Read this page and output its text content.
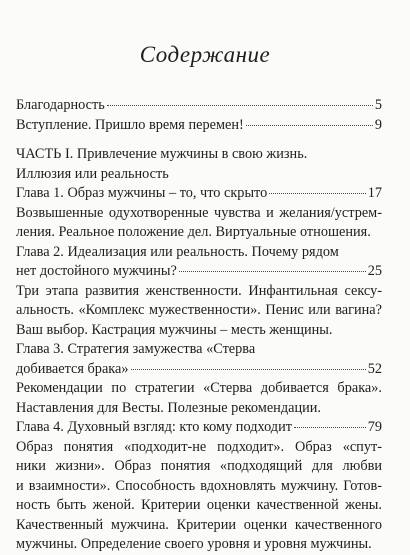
Содержание
Благодарность	5
Вступление. Пришло время перемен!	9
ЧАСТЬ I. Привлечение мужчины в свою жизнь.
Иллюзия или реальность
Глава 1. Образ мужчины – то, что скрыто	17
Возвышенные одухотворенные чувства и желания/устрем-
ления. Реальное положение дел. Виртуальные отношения.
Глава 2. Идеализация или реальность. Почему рядом
нет достойного мужчины?	25
Три этапа развития женственности. Инфантильная сексу-
альность. «Комплекс мужественности». Пенис или вагина?
Ваш выбор. Кастрация мужчины – месть женщины.
Глава 3. Стратегия замужества «Стерва
добивается брака»	52
Рекомендации по стратегии «Стерва добивается брака».
Наставления для Весты. Полезные рекомендации.
Глава 4. Духовный взгляд: кто кому подходит	79
Образ понятия «подходит-не подходит». Образ «спут-
ники жизни». Образ понятия «подходящий для любви
и взаимности». Способность вдохновлять мужчину. Готов-
ность быть женой. Критерии оценки качественной жены.
Качественный мужчина. Критерии оценки качественного
мужчины. Определение своего уровня и уровня мужчины.
